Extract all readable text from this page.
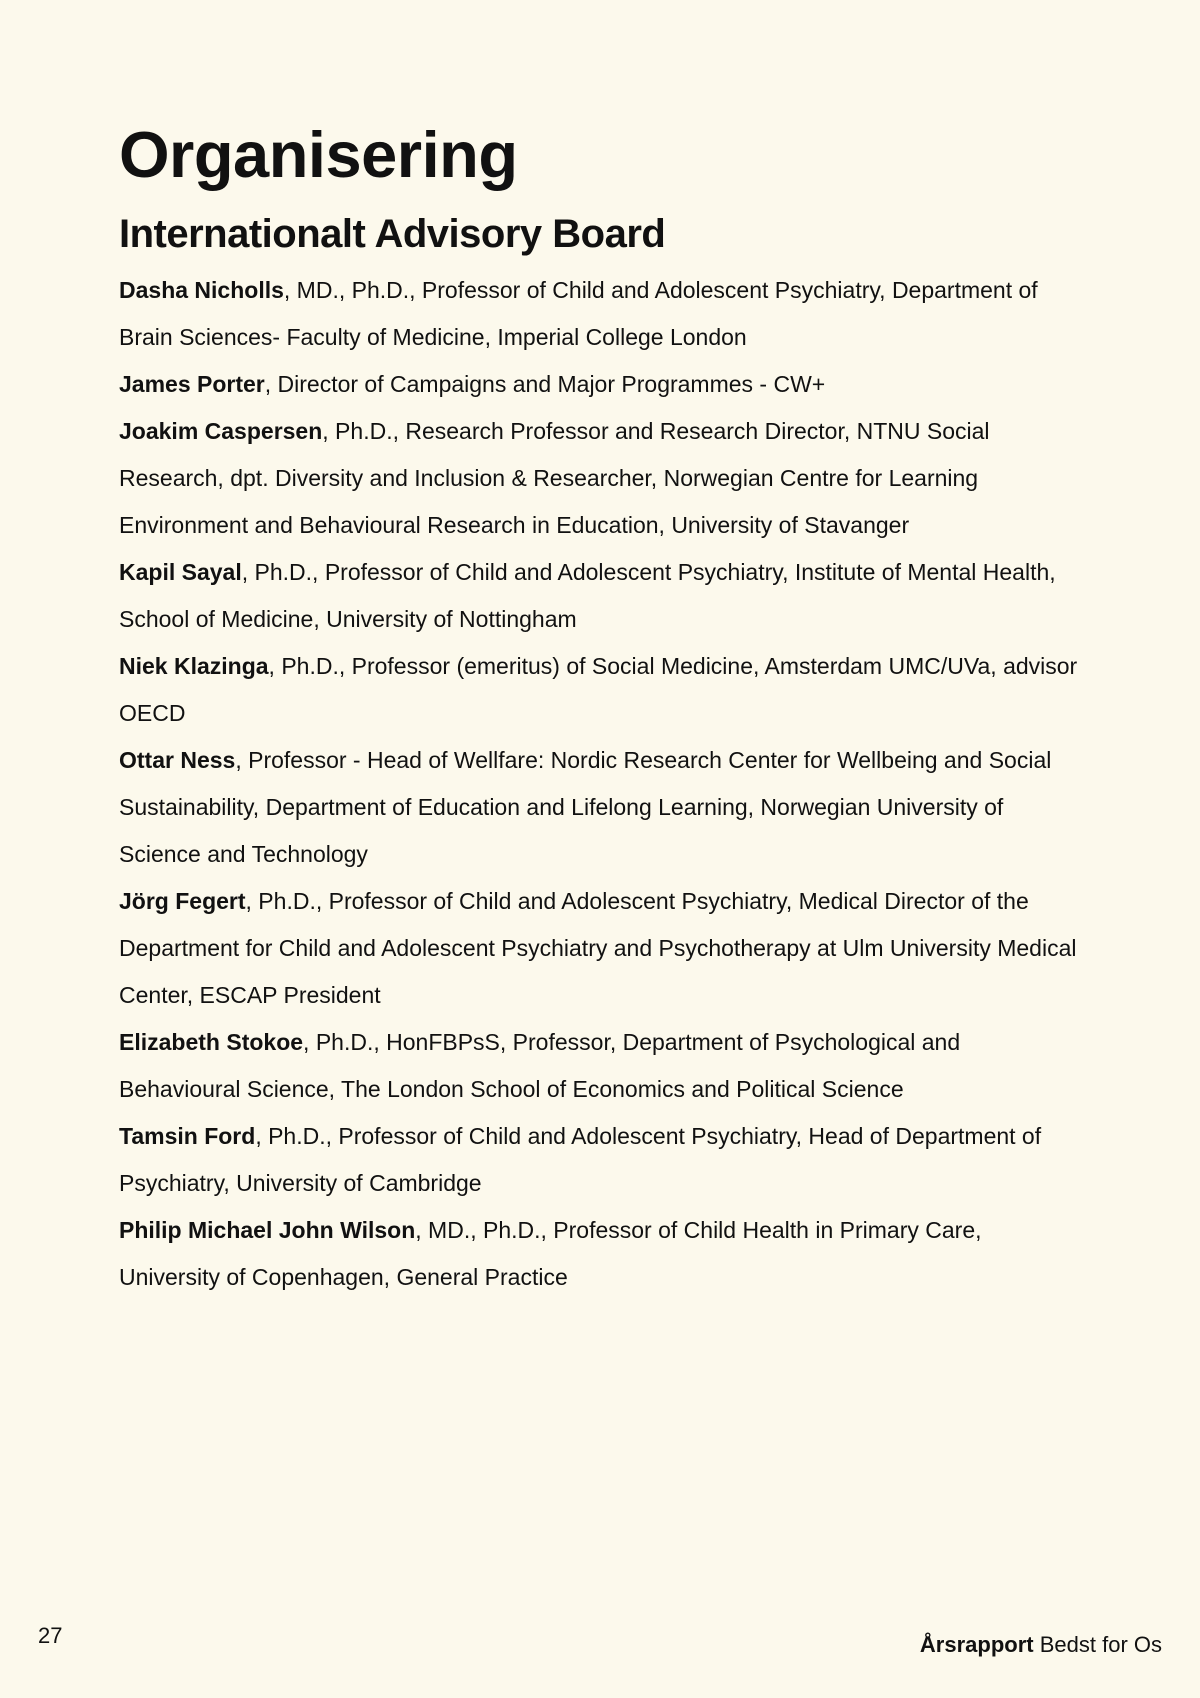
Organisering
Internationalt Advisory Board
Dasha Nicholls, MD., Ph.D., Professor of Child and Adolescent Psychiatry, Department of Brain Sciences- Faculty of Medicine, Imperial College London
James Porter, Director of Campaigns and Major Programmes - CW+
Joakim Caspersen, Ph.D., Research Professor and Research Director, NTNU Social Research, dpt. Diversity and Inclusion & Researcher, Norwegian Centre for Learning Environment and Behavioural Research in Education, University of Stavanger
Kapil Sayal, Ph.D., Professor of Child and Adolescent Psychiatry, Institute of Mental Health, School of Medicine, University of Nottingham
Niek Klazinga, Ph.D., Professor (emeritus) of Social Medicine, Amsterdam UMC/UVa, advisor OECD
Ottar Ness, Professor - Head of Wellfare: Nordic Research Center for Wellbeing and Social Sustainability, Department of Education and Lifelong Learning, Norwegian University of Science and Technology
Jörg Fegert, Ph.D., Professor of Child and Adolescent Psychiatry, Medical Director of the Department for Child and Adolescent Psychiatry and Psychotherapy at Ulm University Medical Center, ESCAP President
Elizabeth Stokoe, Ph.D., HonFBPsS, Professor, Department of Psychological and Behavioural Science, The London School of Economics and Political Science
Tamsin Ford, Ph.D., Professor of Child and Adolescent Psychiatry, Head of Department of Psychiatry, University of Cambridge
Philip Michael John Wilson, MD., Ph.D., Professor of Child Health in Primary Care, University of Copenhagen, General Practice
27	Årsrapport Bedst for Os
